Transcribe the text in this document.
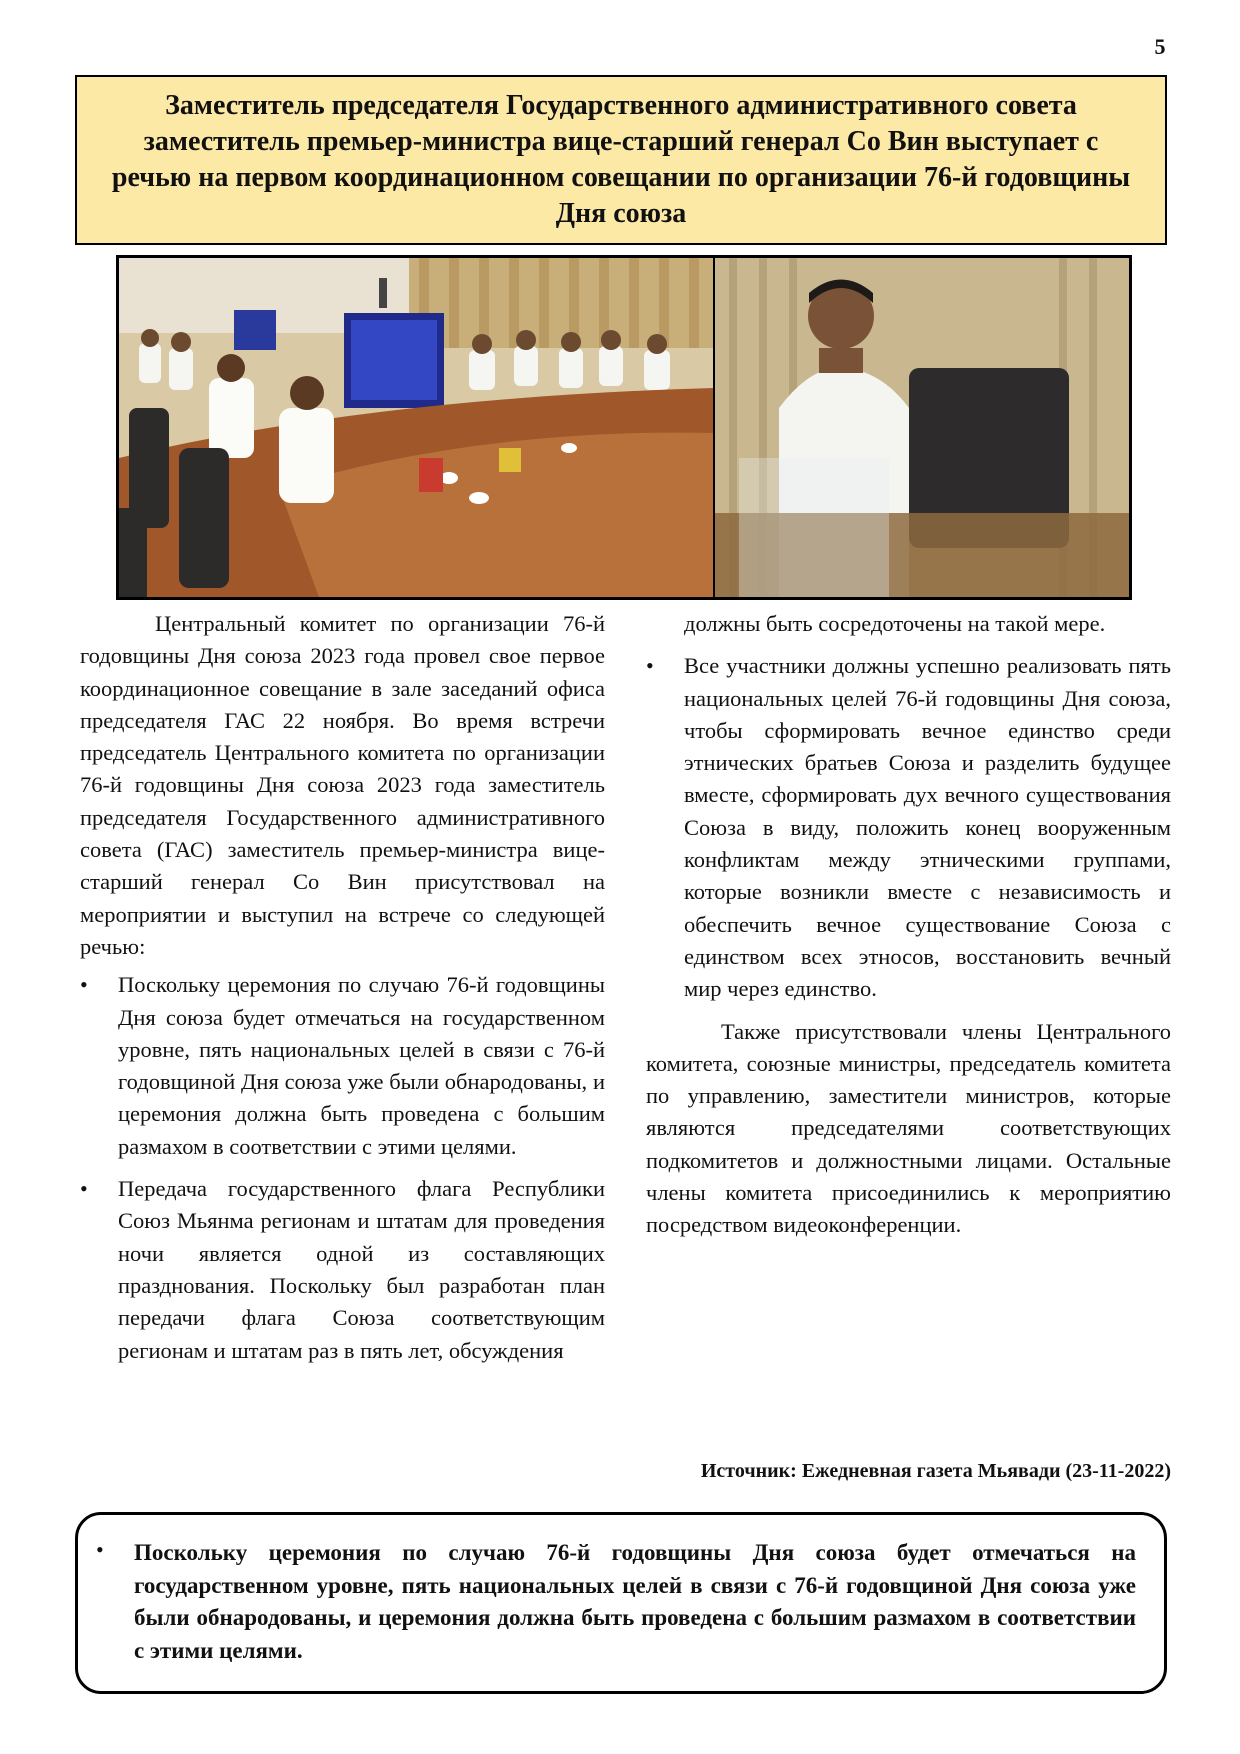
5
Заместитель председателя Государственного административного совета заместитель премьер-министра вице-старший генерал Со Вин выступает с речью на первом координационном совещании по организации 76-й годовщины Дня союза

Центральный комитет по организации 76-й годовщины Дня союза 2023 года провел свое первое координационное совещание в зале заседаний офиса председателя ГАС 22 ноября. Во время встречи председатель Центрального комитета по организации 76-й годовщины Дня союза 2023 года заместитель председателя Государственного административного совета (ГАС) заместитель премьер-министра вице-старший генерал Со Вин присутствовал на мероприятии и выступил на встрече со следующей речью:

• Поскольку церемония по случаю 76-й годовщины Дня союза будет отмечаться на государственном уровне, пять национальных целей в связи с 76-й годовщиной Дня союза уже были обнародованы, и церемония должна быть проведена с большим размахом в соответствии с этими целями.
• Передача государственного флага Республики Союз Мьянма регионам и штатам для проведения ночи является одной из составляющих празднования. Поскольку был разработан план передачи флага Союза соответствующим регионам и штатам раз в пять лет, обсуждения

должны быть сосредоточены на такой мере.

• Все участники должны успешно реализовать пять национальных целей 76-й годовщины Дня союза, чтобы сформировать вечное единство среди этнических братьев Союза и разделить будущее вместе, сформировать дух вечного существования Союза в виду, положить конец вооруженным конфликтам между этническими группами, которые возникли вместе с независимость и обеспечить вечное существование Союза с единством всех этносов, восстановить вечный мир через единство.

Также присутствовали члены Центрального комитета, союзные министры, председатель комитета по управлению, заместители министров, которые являются председателями соответствующих подкомитетов и должностными лицами. Остальные члены комитета присоединились к мероприятию посредством видеоконференции.

Источник: Ежедневная газета Мьявади (23-11-2022)
• Поскольку церемония по случаю 76-й годовщины Дня союза будет отмечаться на государственном уровне, пять национальных целей в связи с 76-й годовщиной Дня союза уже были обнародованы, и церемония должна быть проведена с большим размахом в соответствии с этими целями.
